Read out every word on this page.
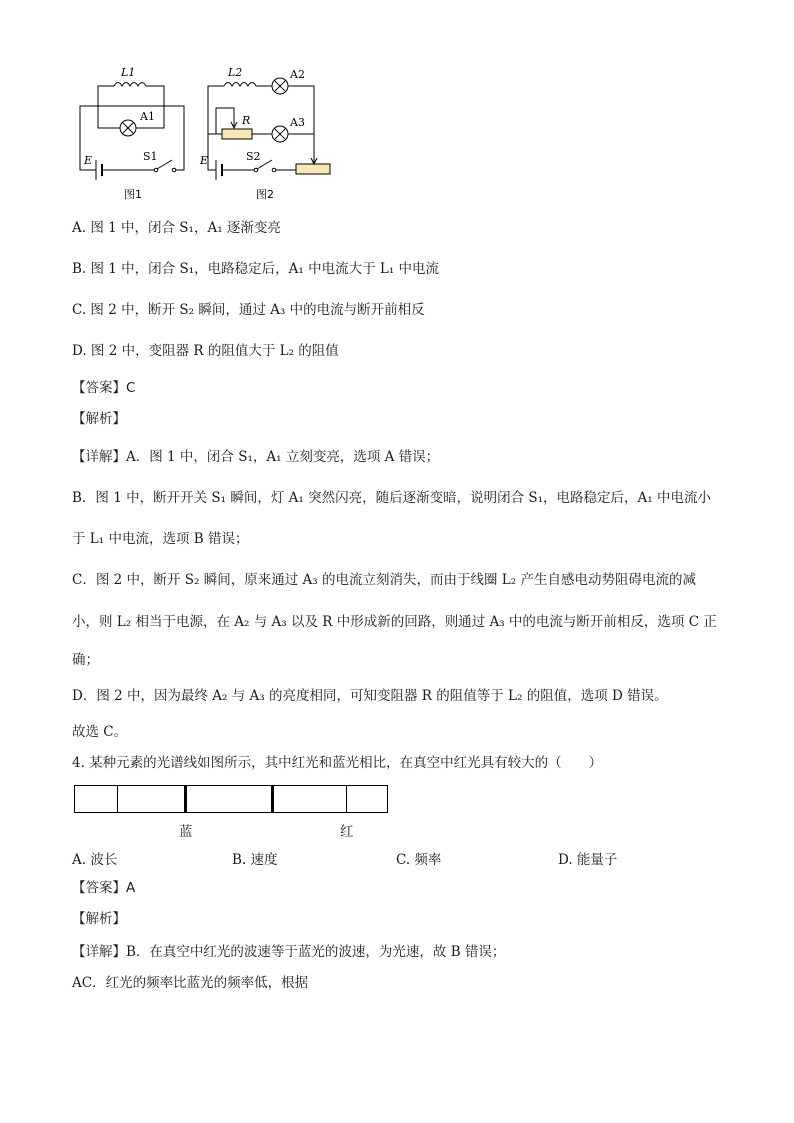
L1
A1
E	S1
图1
L2	A2
R	A3
E	S2
图2
A. 图 1 中，闭合 S₁，A₁ 逐渐变亮
B. 图 1 中，闭合 S₁，电路稳定后，A₁ 中电流大于 L₁ 中电流
C. 图 2 中，断开 S₂ 瞬间，通过 A₃ 中的电流与断开前相反
D. 图 2 中，变阻器 R 的阻值大于 L₂ 的阻值
【答案】C
【解析】
【详解】A．图 1 中，闭合 S₁，A₁ 立刻变亮，选项 A 错误；
B．图 1 中，断开开关 S₁ 瞬间，灯 A₁ 突然闪亮，随后逐渐变暗，说明闭合 S₁，电路稳定后，A₁ 中电流小
于 L₁ 中电流，选项 B 错误；
C．图 2 中，断开 S₂ 瞬间，原来通过 A₃ 的电流立刻消失，而由于线圈 L₂ 产生自感电动势阻碍电流的减
小，则 L₂ 相当于电源，在 A₂ 与 A₃ 以及 R 中形成新的回路，则通过 A₃ 中的电流与断开前相反，选项 C 正
确；
D．图 2 中，因为最终 A₂ 与 A₃ 的亮度相同，可知变阻器 R 的阻值等于 L₂ 的阻值，选项 D 错误。
故选 C。
4. 某种元素的光谱线如图所示，其中红光和蓝光相比，在真空中红光具有较大的（　　）
蓝	红
A. 波长	B. 速度	C. 频率	D. 能量子
【答案】A
【解析】
【详解】B．在真空中红光的波速等于蓝光的波速，为光速，故 B 错误；
AC．红光的频率比蓝光的频率低，根据
